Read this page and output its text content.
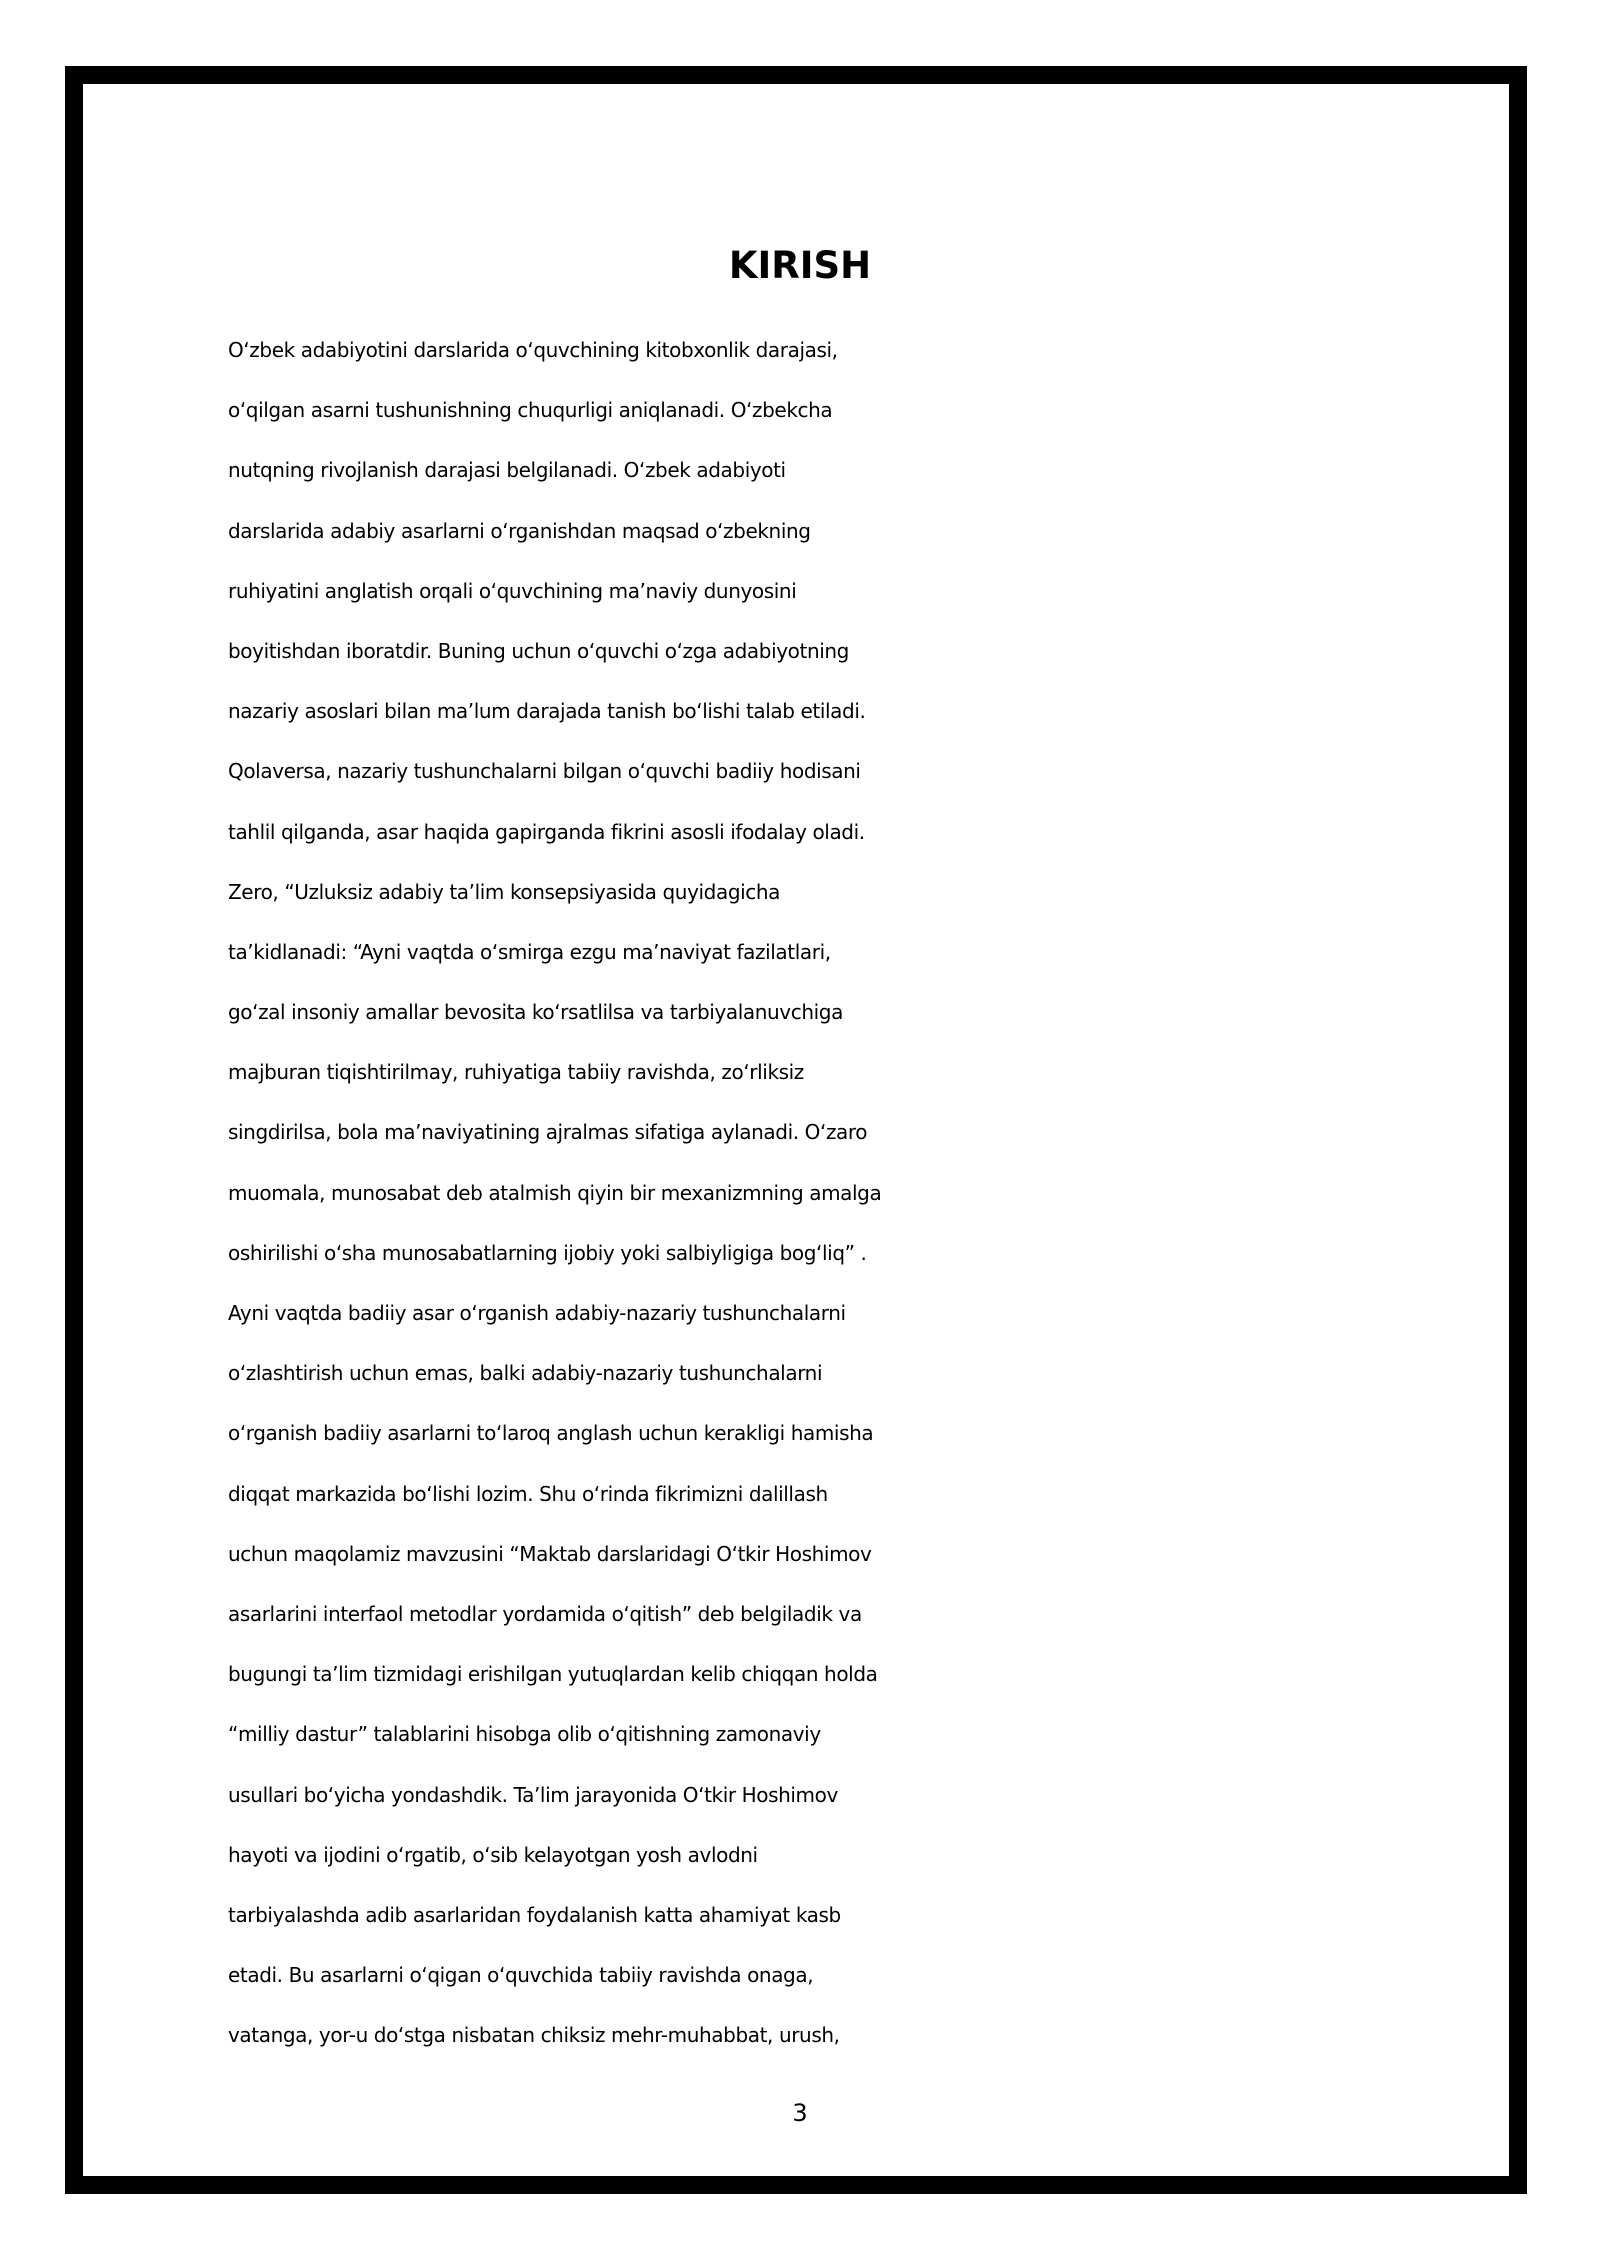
KIRISH
O‘zbek adabiyotini darslarida o‘quvchining kitobxonlik darajasi,
o‘qilgan asarni tushunishning chuqurligi aniqlanadi. O‘zbekcha
nutqning rivojlanish darajasi belgilanadi. O‘zbek adabiyoti
darslarida adabiy asarlarni o‘rganishdan maqsad o‘zbekning
ruhiyatini anglatish orqali o‘quvchining ma’naviy dunyosini
boyitishdan iboratdir. Buning uchun o‘quvchi o‘zga adabiyotning
nazariy asoslari bilan ma’lum darajada tanish bo‘lishi talab etiladi.
Qolaversa, nazariy tushunchalarni bilgan o‘quvchi badiiy hodisani
tahlil qilganda, asar haqida gapirganda fikrini asosli ifodalay oladi.
Zero, “Uzluksiz adabiy ta’lim konsepsiyasida quyidagicha
ta’kidlanadi: “Ayni vaqtda o‘smirga ezgu ma’naviyat fazilatlari,
go‘zal insoniy amallar bevosita ko‘rsatlilsa va tarbiyalanuvchiga
majburan tiqishtirilmay, ruhiyatiga tabiiy ravishda, zo‘rliksiz
singdirilsa, bola ma’naviyatining ajralmas sifatiga aylanadi. O‘zaro
muomala, munosabat deb atalmish qiyin bir mexanizmning amalga
oshirilishi o‘sha munosabatlarning ijobiy yoki salbiyligiga bog‘liq” .
Ayni vaqtda badiiy asar o‘rganish adabiy-nazariy tushunchalarni
o‘zlashtirish uchun emas, balki adabiy-nazariy tushunchalarni
o‘rganish badiiy asarlarni to‘laroq anglash uchun kerakligi hamisha
diqqat markazida bo‘lishi lozim. Shu o‘rinda fikrimizni dalillash
uchun maqolamiz mavzusini “Maktab darslaridagi O‘tkir Hoshimov
asarlarini interfaol metodlar yordamida o‘qitish” deb belgiladik va
bugungi ta’lim tizmidagi erishilgan yutuqlardan kelib chiqqan holda
“milliy dastur” talablarini hisobga olib o‘qitishning zamonaviy
usullari bo‘yicha yondashdik. Ta’lim jarayonida O‘tkir Hoshimov
hayoti va ijodini o‘rgatib, o‘sib kelayotgan yosh avlodni
tarbiyalashda adib asarlaridan foydalanish katta ahamiyat kasb
etadi. Bu asarlarni o‘qigan o‘quvchida tabiiy ravishda onaga,
vatanga, yor-u do‘stga nisbatan chiksiz mehr-muhabbat, urush,
3
